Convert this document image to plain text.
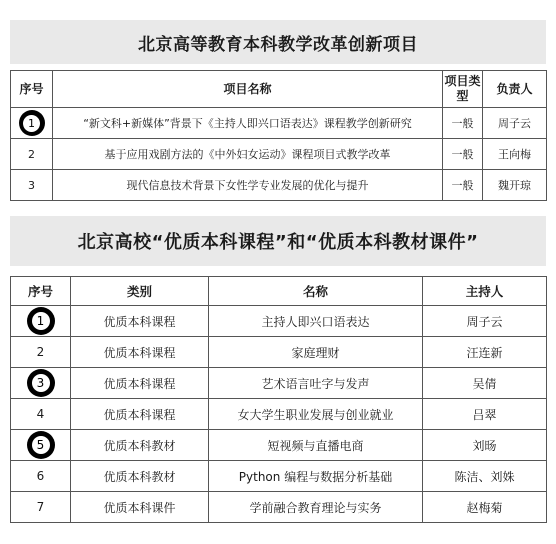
北京高等教育本科教学改革创新项目
序号	项目名称	项目类型	负责人

1	“新文科+新媒体”背景下《主持人即兴口语表达》课程教学创新研究	一般	周子云
2	基于应用戏剧方法的《中外妇女运动》课程项目式教学改革	一般	王向梅
3	现代信息技术背景下女性学专业发展的优化与提升	一般	魏开琼
北京高校“优质本科课程”和“优质本科教材课件”
序号	类别	名称	主持人

1	优质本科课程	主持人即兴口语表达	周子云
2	优质本科课程	家庭理财	汪连新

3	优质本科课程	艺术语言吐字与发声	吴倩
4	优质本科课程	女大学生职业发展与创业就业	吕翠

5	优质本科教材	短视频与直播电商	刘旸
6	优质本科教材	Python 编程与数据分析基础	陈洁、刘姝
7	优质本科课件	学前融合教育理论与实务	赵梅菊
